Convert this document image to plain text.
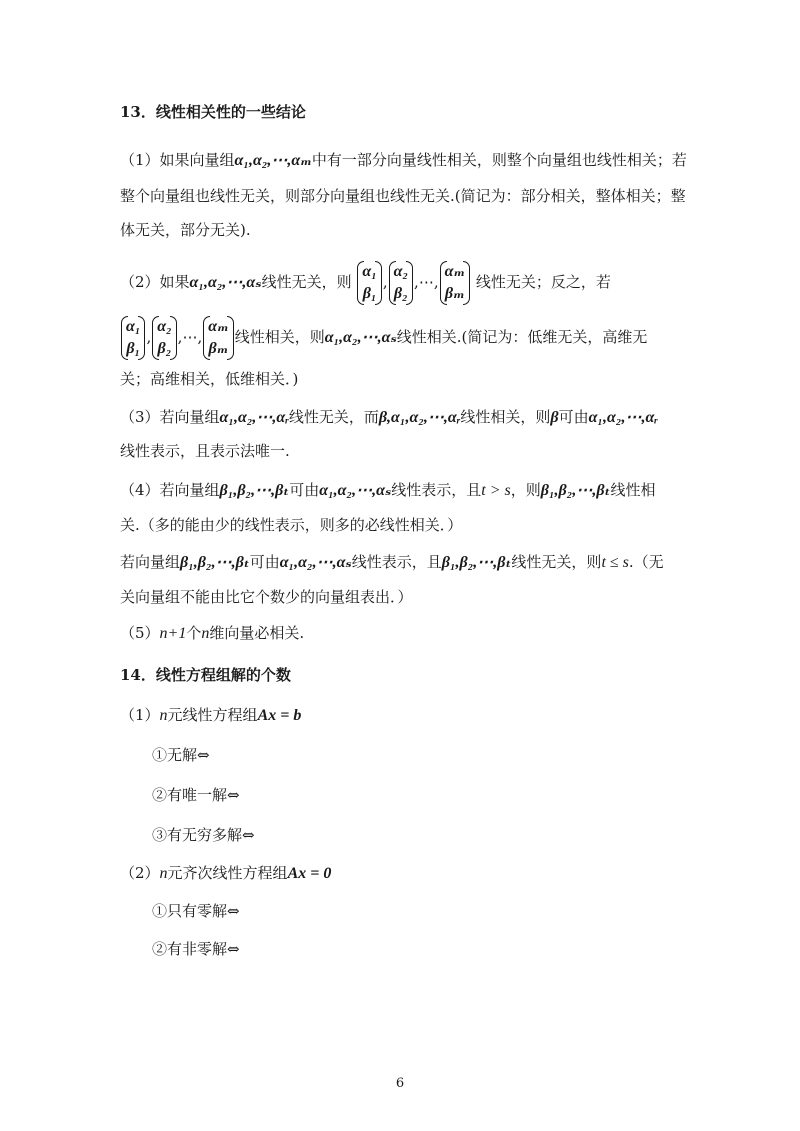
13．线性相关性的一些结论
（1）如果向量组α₁,α₂,⋯,αₘ中有一部分向量线性相关，则整个向量组也线性相关；若
整个向量组也线性无关，则部分向量组也线性无关.(简记为：部分相关，整体相关；整
体无关，部分无关).
（2）如果α₁,α₂,⋯,αₛ线性无关，则
α₁
β₁
,
α₂
β₂
,⋯,
αₘ
βₘ
线性无关；反之，若
α₁
β₁
,
α₂
β₂
,⋯,
αₘ
βₘ
线性相关，则α₁,α₂,⋯,αₛ线性相关.(简记为：低维无关，高维无
关；高维相关，低维相关．)
（3）若向量组α₁,α₂,⋯,αᵣ线性无关，而β,α₁,α₂,⋯,αᵣ线性相关，则β可由α₁,α₂,⋯,αᵣ
线性表示，且表示法唯一.
（4）若向量组β₁,β₂,⋯,βₜ可由α₁,α₂,⋯,αₛ线性表示，且t > s，则β₁,β₂,⋯,βₜ线性相
关.（多的能由少的线性表示，则多的必线性相关．）
若向量组β₁,β₂,⋯,βₜ可由α₁,α₂,⋯,αₛ线性表示，且β₁,β₂,⋯,βₜ线性无关，则t ≤ s.（无
关向量组不能由比它个数少的向量组表出．）
（5）n+1个n维向量必相关.
14．线性方程组解的个数
（1）n元线性方程组Ax = b
①无解⇔
②有唯一解⇔
③有无穷多解⇔
（2）n元齐次线性方程组Ax = 0
①只有零解⇔
②有非零解⇔
6
